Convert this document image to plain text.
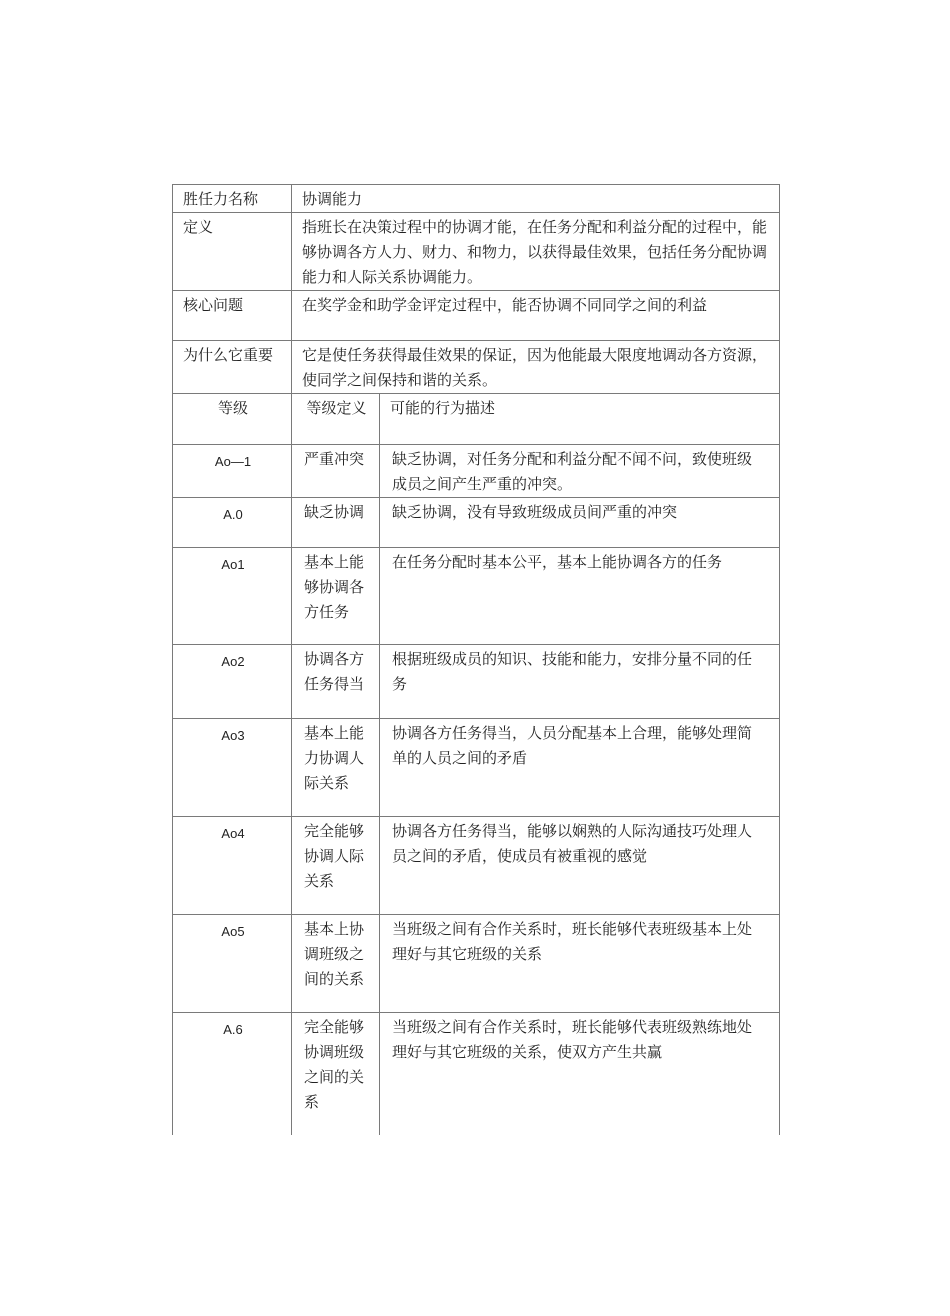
胜任力名称	协调能力	
定义	指班长在决策过程中的协调才能，在任务分配和利益分配的过程中，能够协调各方人力、财力、和物力，以获得最佳效果，包括任务分配协调能力和人际关系协调能力。	
核心问题	在奖学金和助学金评定过程中，能否协调不同同学之间的利益	
为什么它重要	它是使任务获得最佳效果的保证，因为他能最大限度地调动各方资源，使同学之间保持和谐的关系。	
等级	等级定义	可能的行为描述
Ao—1	严重冲突	缺乏协调，对任务分配和利益分配不闻不问，致使班级成员之间产生严重的冲突。
A.0	缺乏协调	缺乏协调，没有导致班级成员间严重的冲突
Ao1	基本上能够协调各方任务	在任务分配时基本公平，基本上能协调各方的任务
Ao2	协调各方任务得当	根据班级成员的知识、技能和能力，安排分量不同的任务
Ao3	基本上能力协调人际关系	协调各方任务得当，人员分配基本上合理，能够处理简单的人员之间的矛盾
Ao4	完全能够协调人际关系	协调各方任务得当，能够以娴熟的人际沟通技巧处理人员之间的矛盾，使成员有被重视的感觉
Ao5	基本上协调班级之间的关系	当班级之间有合作关系时，班长能够代表班级基本上处理好与其它班级的关系
A.6	完全能够协调班级之间的关系	当班级之间有合作关系时，班长能够代表班级熟练地处理好与其它班级的关系，使双方产生共赢
